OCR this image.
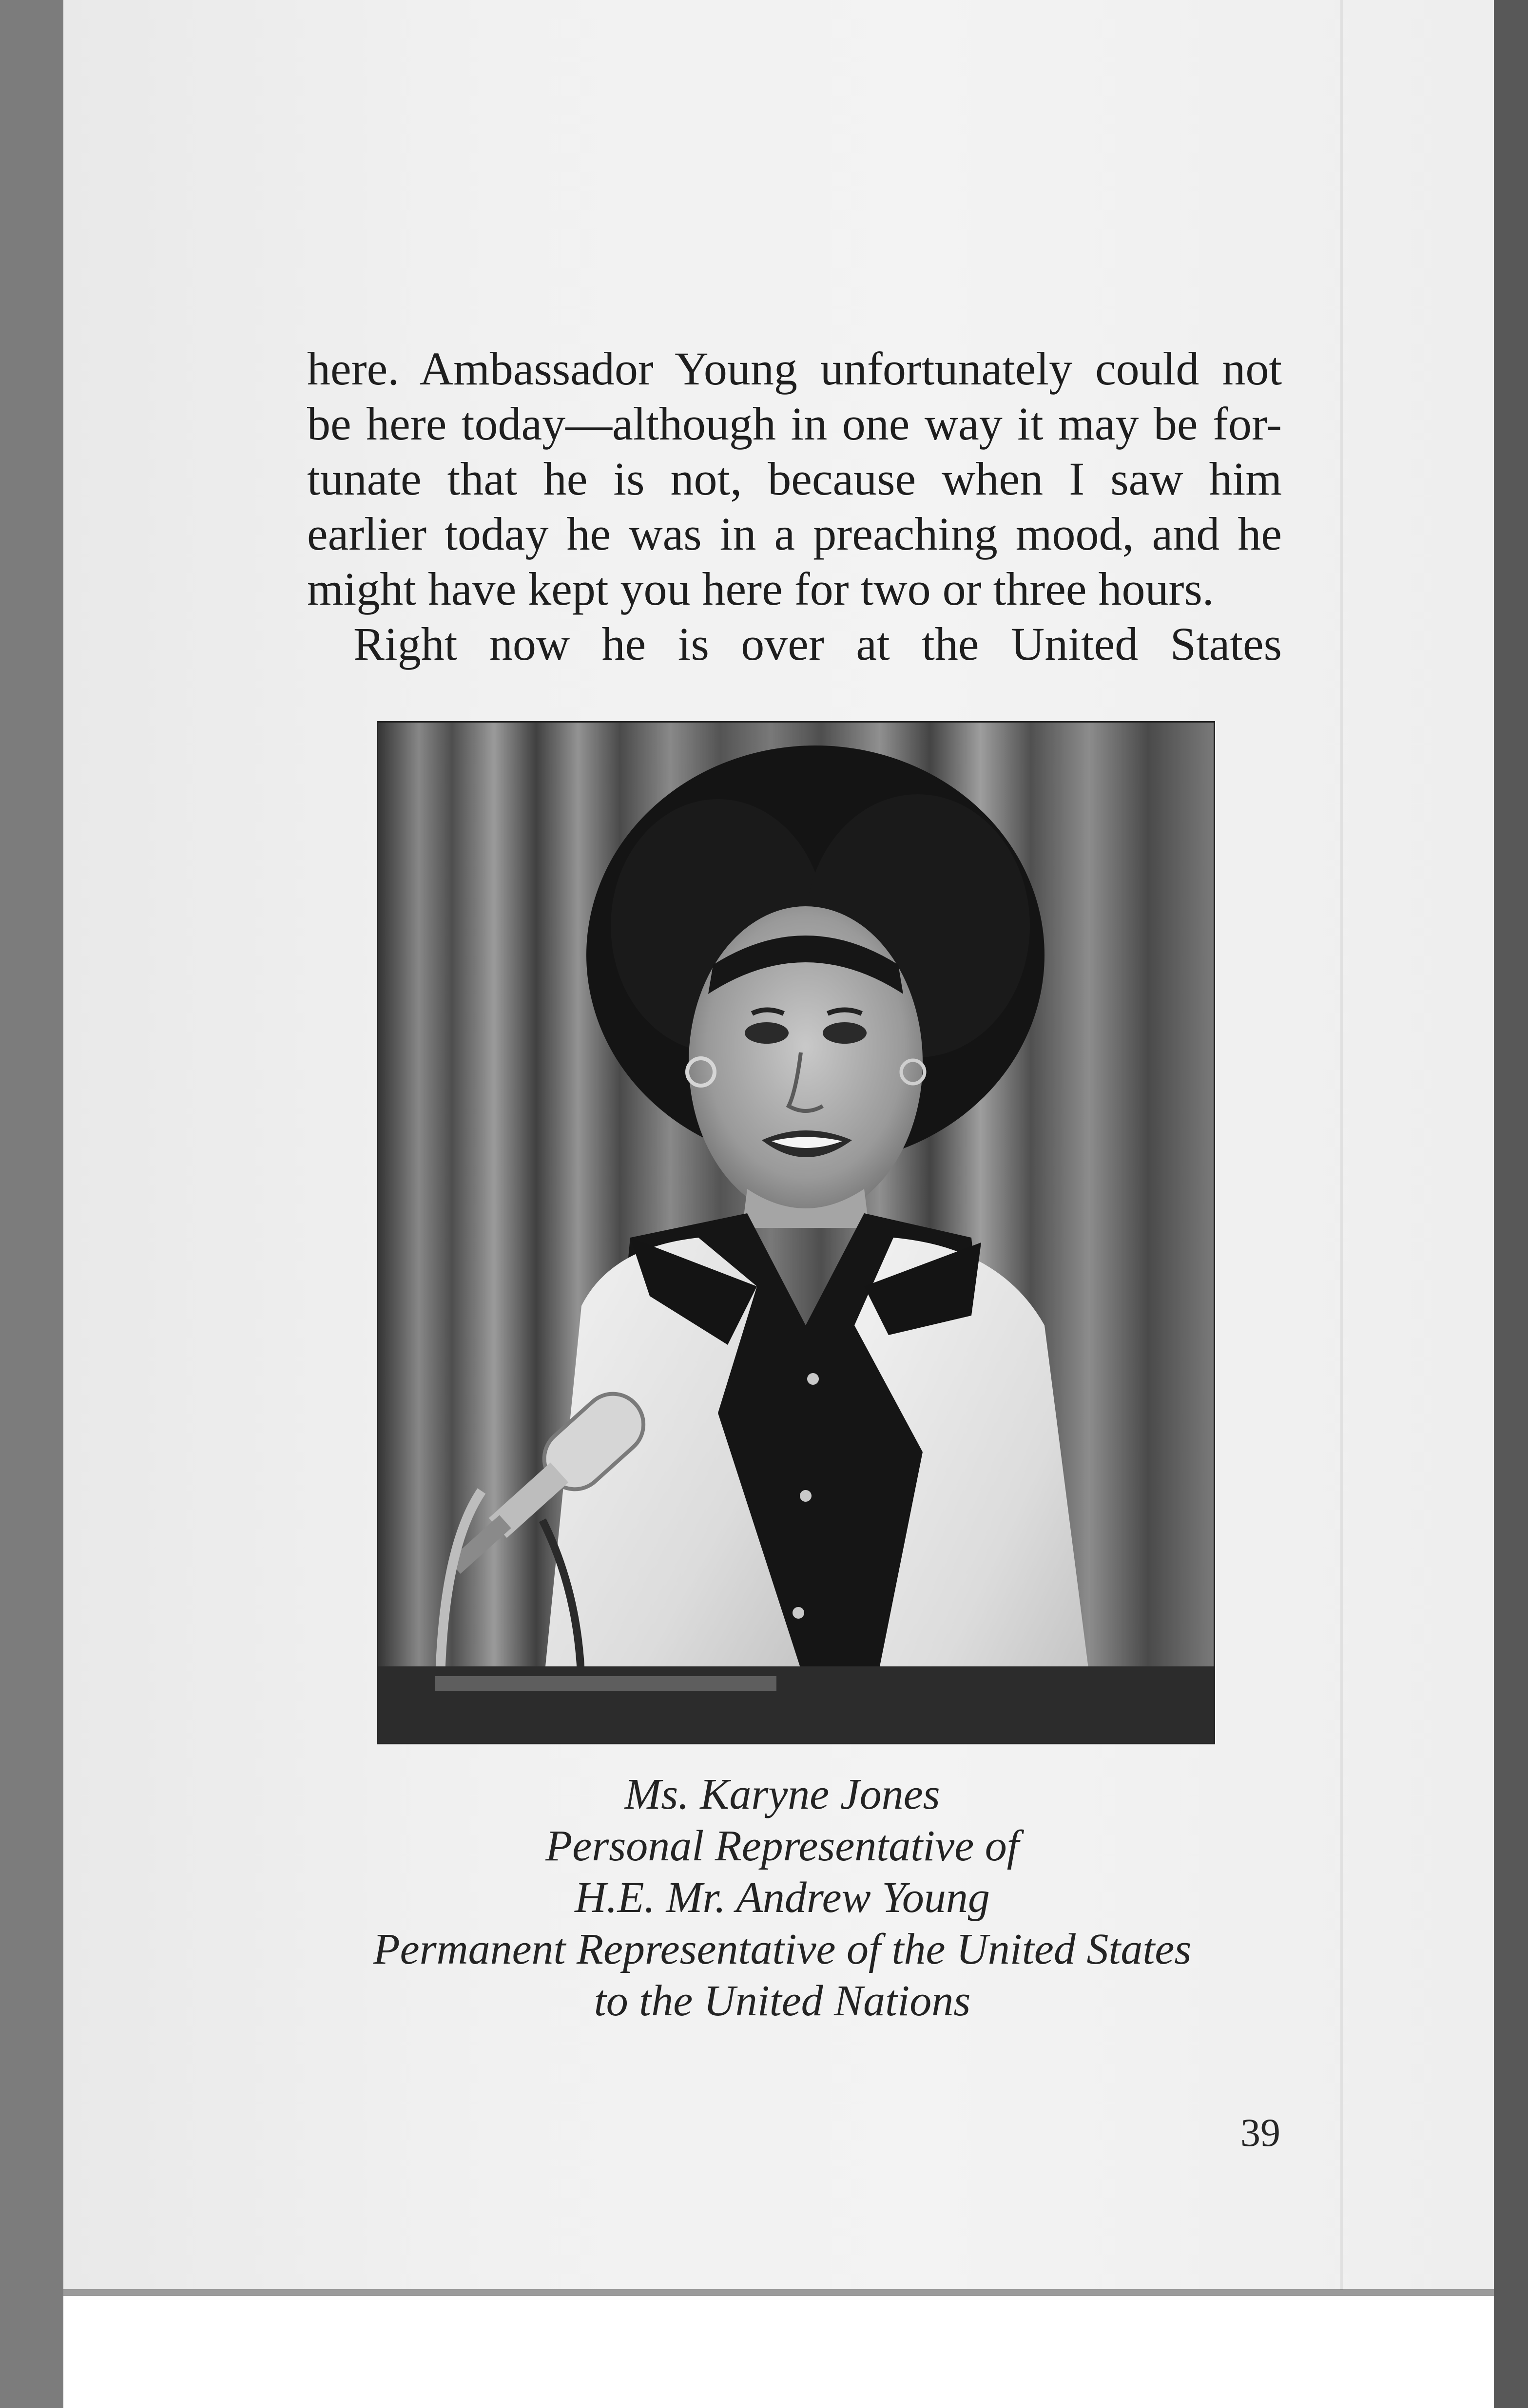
here. Ambassador Young unfortunately could not
be here today—although in one way it may be for-
tunate that he is not, because when I saw him
earlier today he was in a preaching mood, and he
might have kept you here for two or three hours.
Right now he is over at the United States
Ms. Karyne Jones
Personal Representative of
H.E. Mr. Andrew Young
Permanent Representative of the United States
to the United Nations
39
